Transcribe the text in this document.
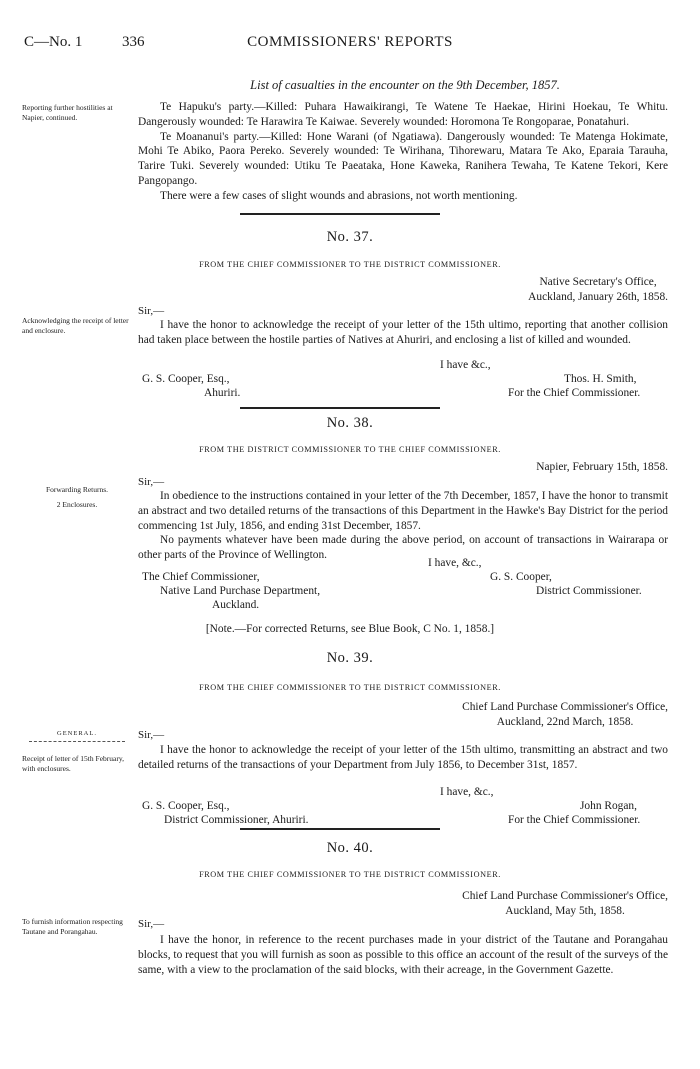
C—No. 1	336	COMMISSIONERS' REPORTS
List of casualties in the encounter on the 9th December, 1857.
Reporting further hostilities at Napier, continued.

Te Hapuku's party.—Killed: Puhara Hawaikirangi, Te Watene Te Haekae, Hirini Hoekau, Te Whitu. Dangerously wounded: Te Harawira Te Kaiwae. Severely wounded: Horomona Te Rongoparae, Ponatahuri.

Te Moananui's party.—Killed: Hone Warani (of Ngatiawa). Dangerously wounded: Te Matenga Hokimate, Mohi Te Abiko, Paora Pereko. Severely wounded: Te Wirihana, Tihorewaru, Matara Te Ako, Eparaia Tarauha, Tarire Tuki. Severely wounded: Utiku Te Paeataka, Hone Kaweka, Ranihera Tewaha, Te Katene Tekori, Kere Pangopango.

There were a few cases of slight wounds and abrasions, not worth mentioning.

No. 37.
FROM THE CHIEF COMMISSIONER TO THE DISTRICT COMMISSIONER.
Native Secretary's Office,
Auckland, January 26th, 1858.
Sir,—
Acknowledging the receipt of letter and enclosure.	I have the honor to acknowledge the receipt of your letter of the 15th ultimo, reporting that another collision had taken place between the hostile parties of Natives at Ahuriri, and enclosing a list of killed and wounded.

I have &c.,
G. S. Cooper, Esq.,
Ahuriri.
Thos. H. Smith,
For the Chief Commissioner.
No. 38.
FROM THE DISTRICT COMMISSIONER TO THE CHIEF COMMISSIONER.
Napier, February 15th, 1858.
Sir,—
Forwarding Returns.
2 Enclosures.

In obedience to the instructions contained in your letter of the 7th December, 1857, I have the honor to transmit an abstract and two detailed returns of the transactions of this Department in the Hawke's Bay District for the period commencing 1st July, 1856, and ending 31st December, 1857.

No payments whatever have been made during the above period, on account of transactions in Wairarapa or other parts of the Province of Wellington.

I have, &c.,
The Chief Commissioner,
Native Land Purchase Department,
Auckland.
G. S. Cooper,
District Commissioner.
[Note.—For corrected Returns, see Blue Book, C No. 1, 1858.]
No. 39.
FROM THE CHIEF COMMISSIONER TO THE DISTRICT COMMISSIONER.
Chief Land Purchase Commissioner's Office,
Auckland, 22nd March, 1858.
Sir,—
GENERAL.
Receipt of letter of 15th February, with enclosures.

I have the honor to acknowledge the receipt of your letter of the 15th ultimo, transmitting an abstract and two detailed returns of the transactions of your Department from July 1856, to December 31st, 1857.

I have, &c.,
G. S. Cooper, Esq.,
District Commissioner, Ahuriri.
John Rogan,
For the Chief Commissioner.
No. 40.
FROM THE CHIEF COMMISSIONER TO THE DISTRICT COMMISSIONER.
Chief Land Purchase Commissioner's Office,
Auckland, May 5th, 1858.
Sir,—
To furnish information respecting Tautane and Porangahau.

I have the honor, in reference to the recent purchases made in your district of the Tautane and Porangahau blocks, to request that you will furnish as soon as possible to this office an account of the result of the surveys of the same, with a view to the proclamation of the said blocks, with their acreage, in the Government Gazette.
